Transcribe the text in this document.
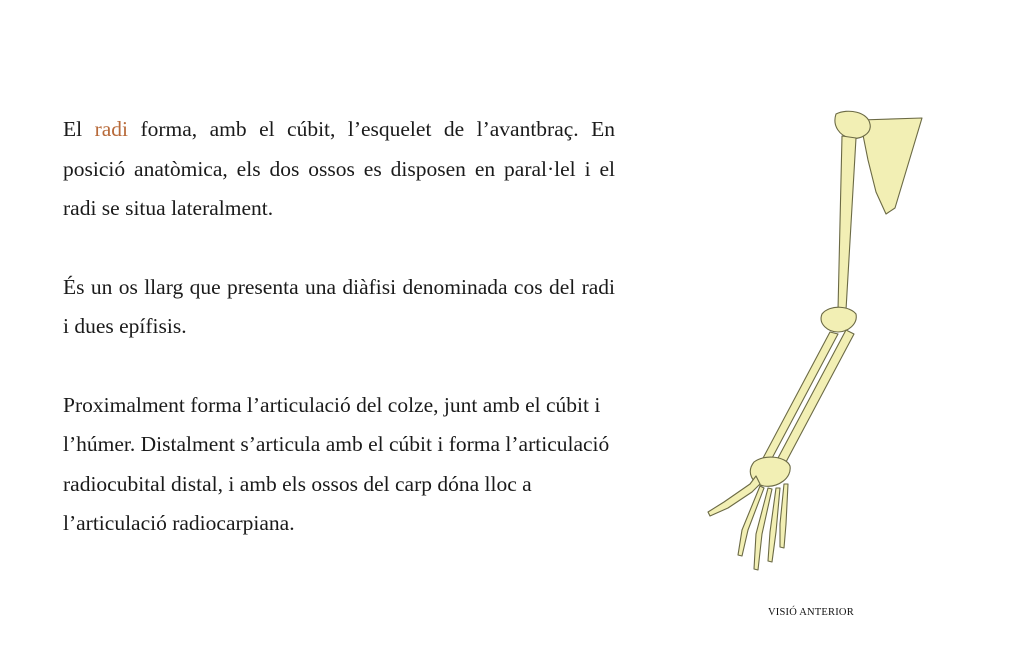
El radi forma, amb el cúbit, l’esquelet de l’avantbraç. En posició anatòmica, els dos ossos es disposen en paral·lel i el radi se situa lateralment.

És un os llarg que presenta una diàfisi denominada cos del radi i dues epífisis.

Proximalment forma l’articulació del colze, junt amb el cúbit i l’húmer. Distalment s’articula amb el cúbit i forma l’articulació radiocubital distal, i amb els ossos del carp dóna lloc a l’articulació radiocarpiana.

VISIÓ ANTERIOR
